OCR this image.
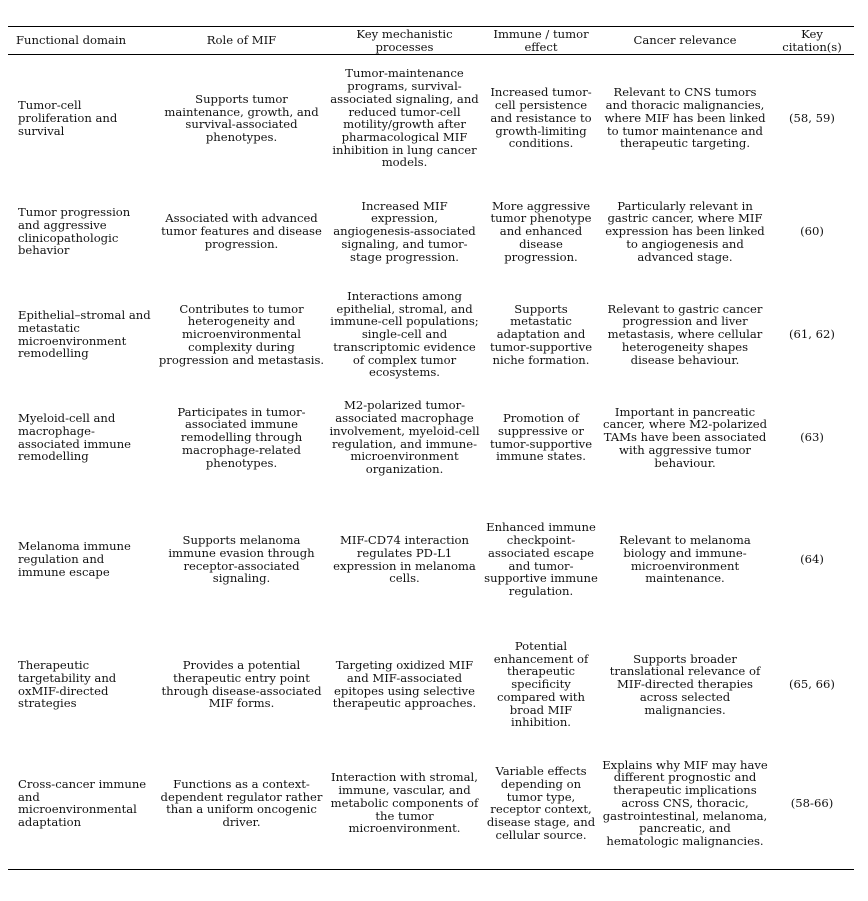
Functional domain	Role of MIF	Key mechanistic processes	Immune / tumor effect	Cancer relevance	Key citation(s)
Tumor-cell proliferation and survival	Supports tumor maintenance, growth, and survival-associated phenotypes.	Tumor-maintenance programs, survival-associated signaling, and reduced tumor-cell motility/growth after pharmacological MIF inhibition in lung cancer models.	Increased tumor-cell persistence and resistance to growth-limiting conditions.	Relevant to CNS tumors and thoracic malignancies, where MIF has been linked to tumor maintenance and therapeutic targeting.	(58, 59)
Tumor progression and aggressive clinicopathologic behavior	Associated with advanced tumor features and disease progression.	Increased MIF expression, angiogenesis-associated signaling, and tumor-stage progression.	More aggressive tumor phenotype and enhanced disease progression.	Particularly relevant in gastric cancer, where MIF expression has been linked to angiogenesis and advanced stage.	(60)
Epithelial–stromal and metastatic microenvironment remodelling	Contributes to tumor heterogeneity and microenvironmental complexity during progression and metastasis.	Interactions among epithelial, stromal, and immune-cell populations; single-cell and transcriptomic evidence of complex tumor ecosystems.	Supports metastatic adaptation and tumor-supportive niche formation.	Relevant to gastric cancer progression and liver metastasis, where cellular heterogeneity shapes disease behaviour.	(61, 62)
Myeloid-cell and macrophage-associated immune remodelling	Participates in tumor-associated immune remodelling through macrophage-related phenotypes.	M2-polarized tumor-associated macrophage involvement, myeloid-cell regulation, and immune-microenvironment organization.	Promotion of suppressive or tumor-supportive immune states.	Important in pancreatic cancer, where M2-polarized TAMs have been associated with aggressive tumor behaviour.	(63)
Melanoma immune regulation and immune escape	Supports melanoma immune evasion through receptor-associated signaling.	MIF-CD74 interaction regulates PD-L1 expression in melanoma cells.	Enhanced immune checkpoint-associated escape and tumor-supportive immune regulation.	Relevant to melanoma biology and immune-microenvironment maintenance.	(64)
Therapeutic targetability and oxMIF-directed strategies	Provides a potential therapeutic entry point through disease-associated MIF forms.	Targeting oxidized MIF and MIF-associated epitopes using selective therapeutic approaches.	Potential enhancement of therapeutic specificity compared with broad MIF inhibition.	Supports broader translational relevance of MIF-directed therapies across selected malignancies.	(65, 66)
Cross-cancer immune and microenvironmental adaptation	Functions as a context-dependent regulator rather than a uniform oncogenic driver.	Interaction with stromal, immune, vascular, and metabolic components of the tumor microenvironment.	Variable effects depending on tumor type, receptor context, disease stage, and cellular source.	Explains why MIF may have different prognostic and therapeutic implications across CNS, thoracic, gastrointestinal, melanoma, pancreatic, and hematologic malignancies.	(58-66)
